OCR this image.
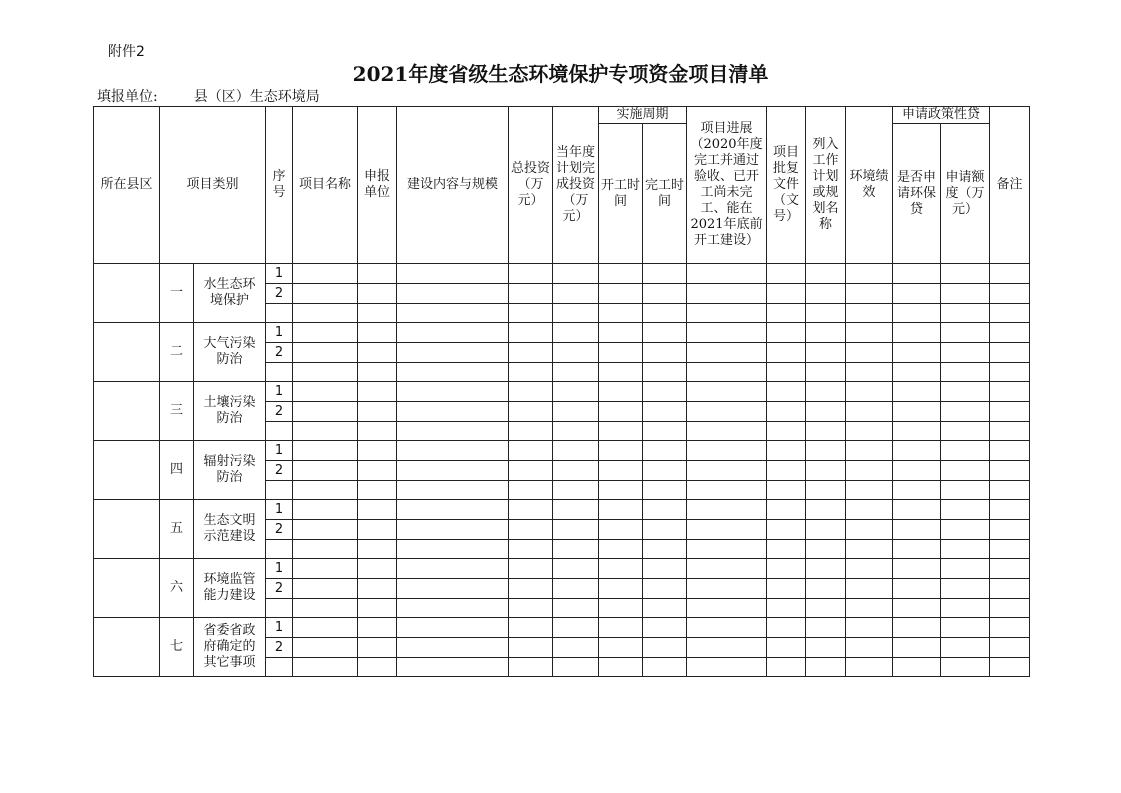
附件2
2021年度省级生态环境保护专项资金项目清单
填报单位:	县（区）生态环境局
所在县区	项目类别		序号	项目名称	申报单位	建设内容与规模	总投资（万元）	当年度计划完成投资（万元）	实施周期		项目进展（2020年度完工并通过验收、已开工尚未完工、能在2021年底前开工建设）	项目批复文件（文号）	列入工作计划或规划名称	环境绩效	申请政策性贷		备注
									开工时间	完工时间					是否申请环保贷	申请额度（万元）	
	一	水生态环境保护	1														
			2														

	二	大气污染防治	1														
			2														

	三	土壤污染防治	1														
			2														

	四	辐射污染防治	1														
			2														

	五	生态文明示范建设	1														
			2														

	六	环境监管能力建设	1														
			2														

	七	省委省政府确定的其它事项	1														
			2														
